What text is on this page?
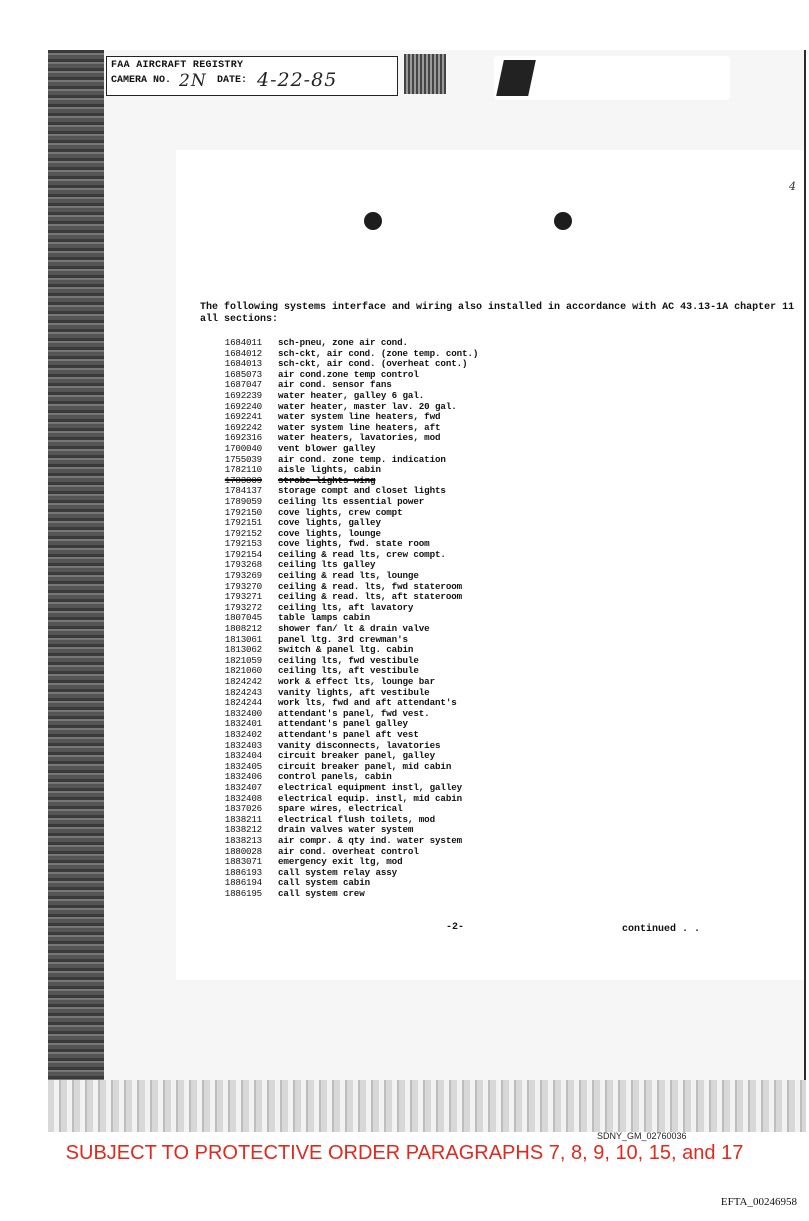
FAA AIRCRAFT REGISTRY
CAMERA NO. 2N DATE: 4-22-85
4
The following systems interface and wiring also installed in accordance with AC 43.13-1A chapter 11 all sections:
1684011 sch-pneu, zone air cond.
1684012 sch-ckt, air cond. (zone temp. cont.)
1684013 sch-ckt, air cond. (overheat cont.)
1685073 air cond.zone temp control
1687047 air cond. sensor fans
1692239 water heater, galley 6 gal.
1692240 water heater, master lav. 20 gal.
1692241 water system line heaters, fwd
1692242 water system line heaters, aft
1692316 water heaters, lavatories, mod
1700040 vent blower galley
1755039 air cond. zone temp. indication
1782110 aisle lights, cabin
1783009 strobe lights wing
1784137 storage compt and closet lights
1789059 ceiling lts essential power
1792150 cove lights, crew compt
1792151 cove lights, galley
1792152 cove lights, lounge
1792153 cove lights, fwd. state room
1792154 ceiling & read lts, crew compt.
1793268 ceiling lts galley
1793269 ceiling & read lts, lounge
1793270 ceiling & read. lts, fwd stateroom
1793271 ceiling & read. lts, aft stateroom
1793272 ceiling lts, aft lavatory
1807045 table lamps cabin
1808212 shower fan/ lt & drain valve
1813061 panel ltg. 3rd crewman's
1813062 switch & panel ltg. cabin
1821059 ceiling lts, fwd vestibule
1821060 ceiling lts, aft vestibule
1824242 work & effect lts, lounge bar
1824243 vanity lights, aft vestibule
1824244 work lts, fwd and aft attendant's
1832400 attendant's panel, fwd vest.
1832401 attendant's panel galley
1832402 attendant's panel aft vest
1832403 vanity disconnects, lavatories
1832404 circuit breaker panel, galley
1832405 circuit breaker panel, mid cabin
1832406 control panels, cabin
1832407 electrical equipment instl, galley
1832408 electrical equip. instl, mid cabin
1837026 spare wires, electrical
1838211 electrical flush toilets, mod
1838212 drain valves water system
1838213 air compr. & qty ind. water system
1880028 air cond. overheat control
1883071 emergency exit ltg, mod
1886193 call system relay assy
1886194 call system cabin
1886195 call system crew
-2-	continued . .
SDNY_GM_02760036
SUBJECT TO PROTECTIVE ORDER PARAGRAPHS 7, 8, 9, 10, 15, and 17
EFTA_00246958
